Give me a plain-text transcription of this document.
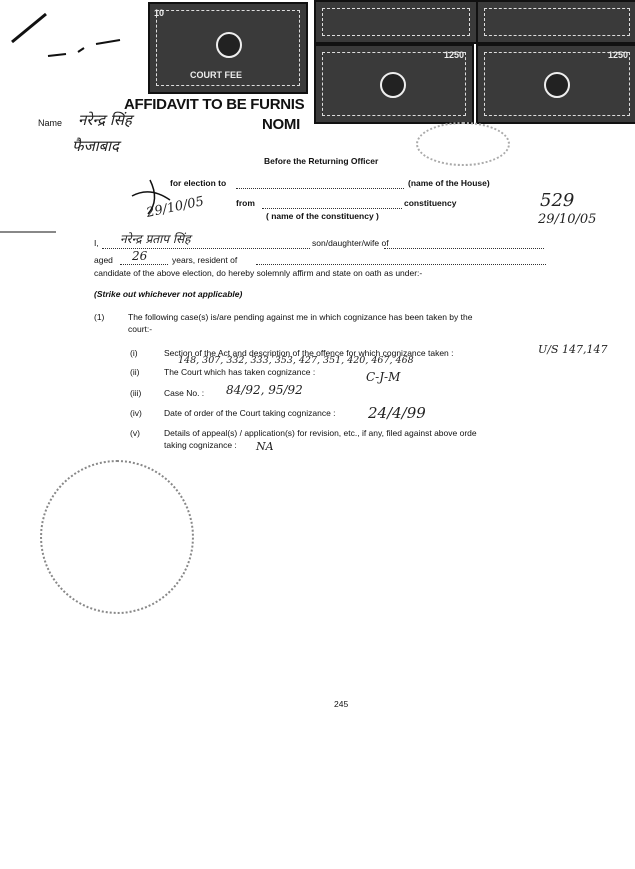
10
COURT FEE
1250	1250
AFFIDAVIT TO BE FURNIS
NOMI
Name नरेन्द्र सिंह
फैजाबाद
29/10/05	529
29/10/05
Before the Returning Officer
for election to	(name of the House)
from	constituency
( name of the constituency )
I, नरेन्द्र प्रताप सिंह	son/daughter/wife of
aged 26	years, resident of
candidate of the above election, do hereby solemnly affirm and state on oath as under:-
(Strike out whichever not applicable)
(1)	The following case(s) is/are pending against me in which cognizance has been taken by the
court:-
(i)	Section of the Act and description of the offence for which cognizance taken :	U/S 147,147
148, 307, 332, 333, 353, 427, 351, 420, 467, 468
(ii)	The Court which has taken cognizance :	C-J-M
(iii)	Case No. : 84/92, 95/92
(iv)	Date of order of the Court taking cognizance : 24/4/99
(v)	Details of appeal(s) / application(s) for revision, etc., if any, filed against above orde
taking cognizance : NA
245
